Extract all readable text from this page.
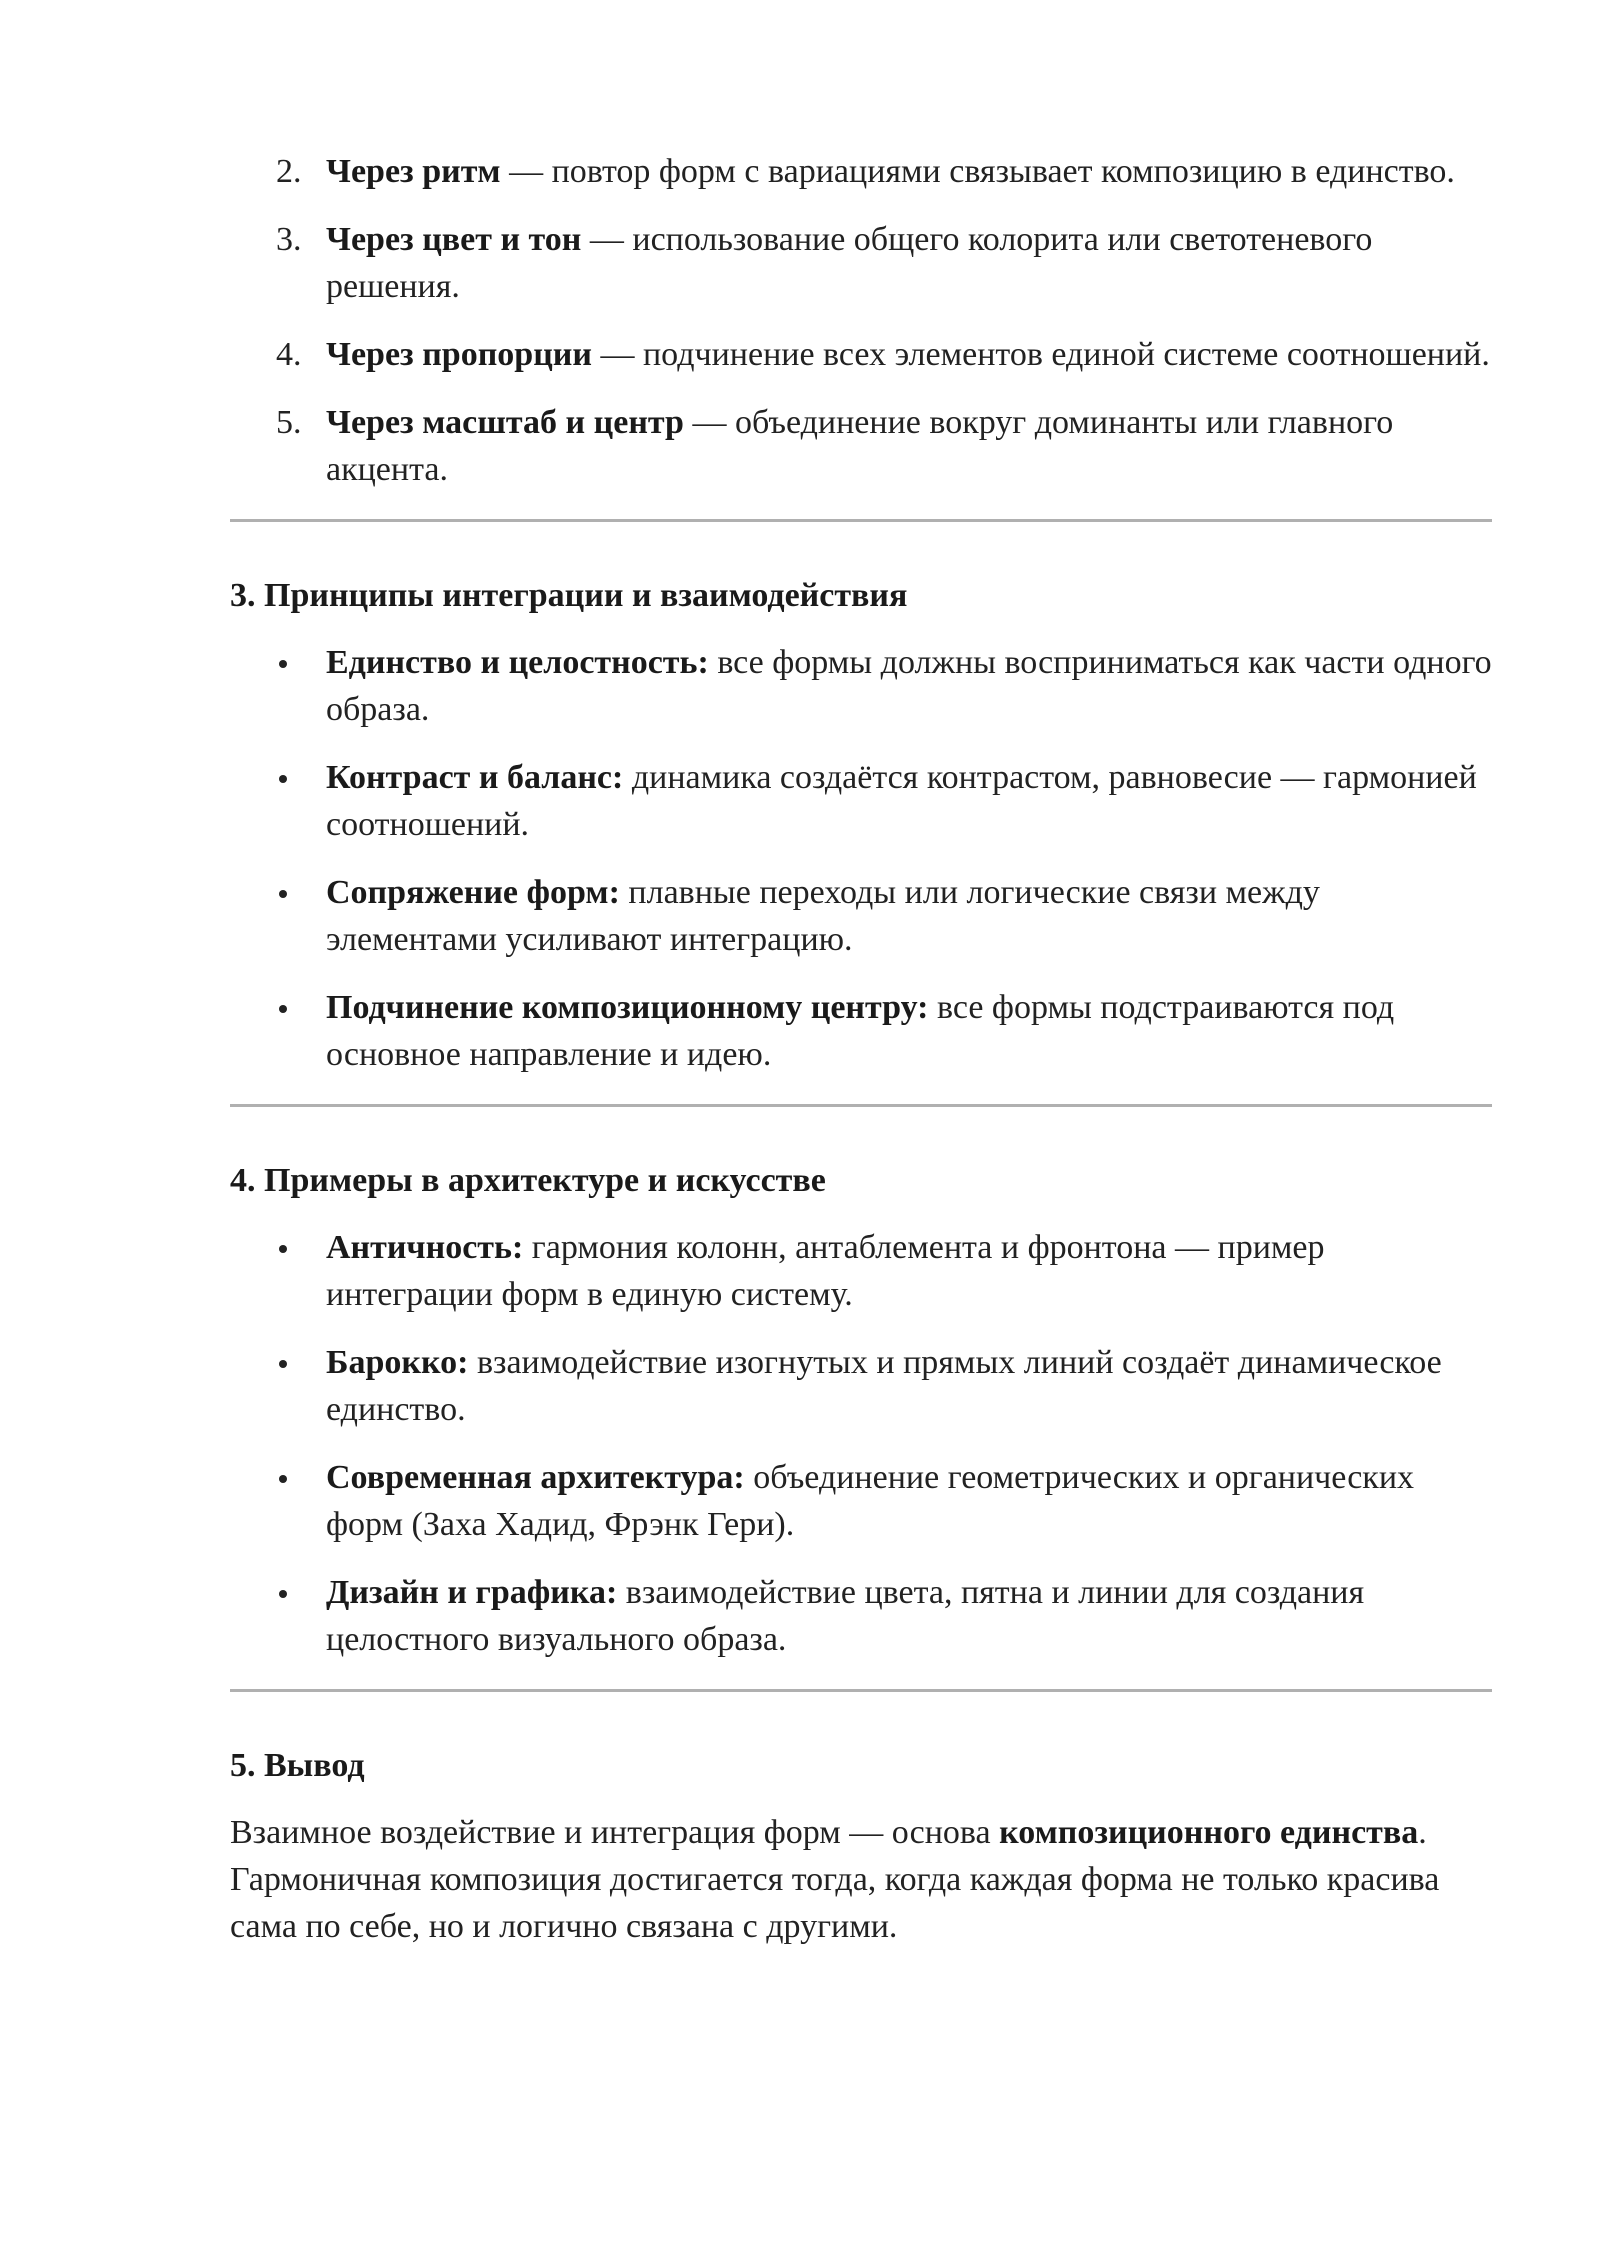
2. Через ритм — повтор форм с вариациями связывает композицию в единство.
3. Через цвет и тон — использование общего колорита или светотеневого решения.
4. Через пропорции — подчинение всех элементов единой системе соотношений.
5. Через масштаб и центр — объединение вокруг доминанты или главного акцента.
3. Принципы интеграции и взаимодействия
Единство и целостность: все формы должны восприниматься как части одного образа.
Контраст и баланс: динамика создаётся контрастом, равновесие — гармонией соотношений.
Сопряжение форм: плавные переходы или логические связи между элементами усиливают интеграцию.
Подчинение композиционному центру: все формы подстраиваются под основное направление и идею.
4. Примеры в архитектуре и искусстве
Античность: гармония колонн, антаблемента и фронтона — пример интеграции форм в единую систему.
Барокко: взаимодействие изогнутых и прямых линий создаёт динамическое единство.
Современная архитектура: объединение геометрических и органических форм (Заха Хадид, Фрэнк Гери).
Дизайн и графика: взаимодействие цвета, пятна и линии для создания целостного визуального образа.
5. Вывод

Взаимное воздействие и интеграция форм — основа композиционного единства.
Гармоничная композиция достигается тогда, когда каждая форма не только красива сама по себе, но и логично связана с другими.
